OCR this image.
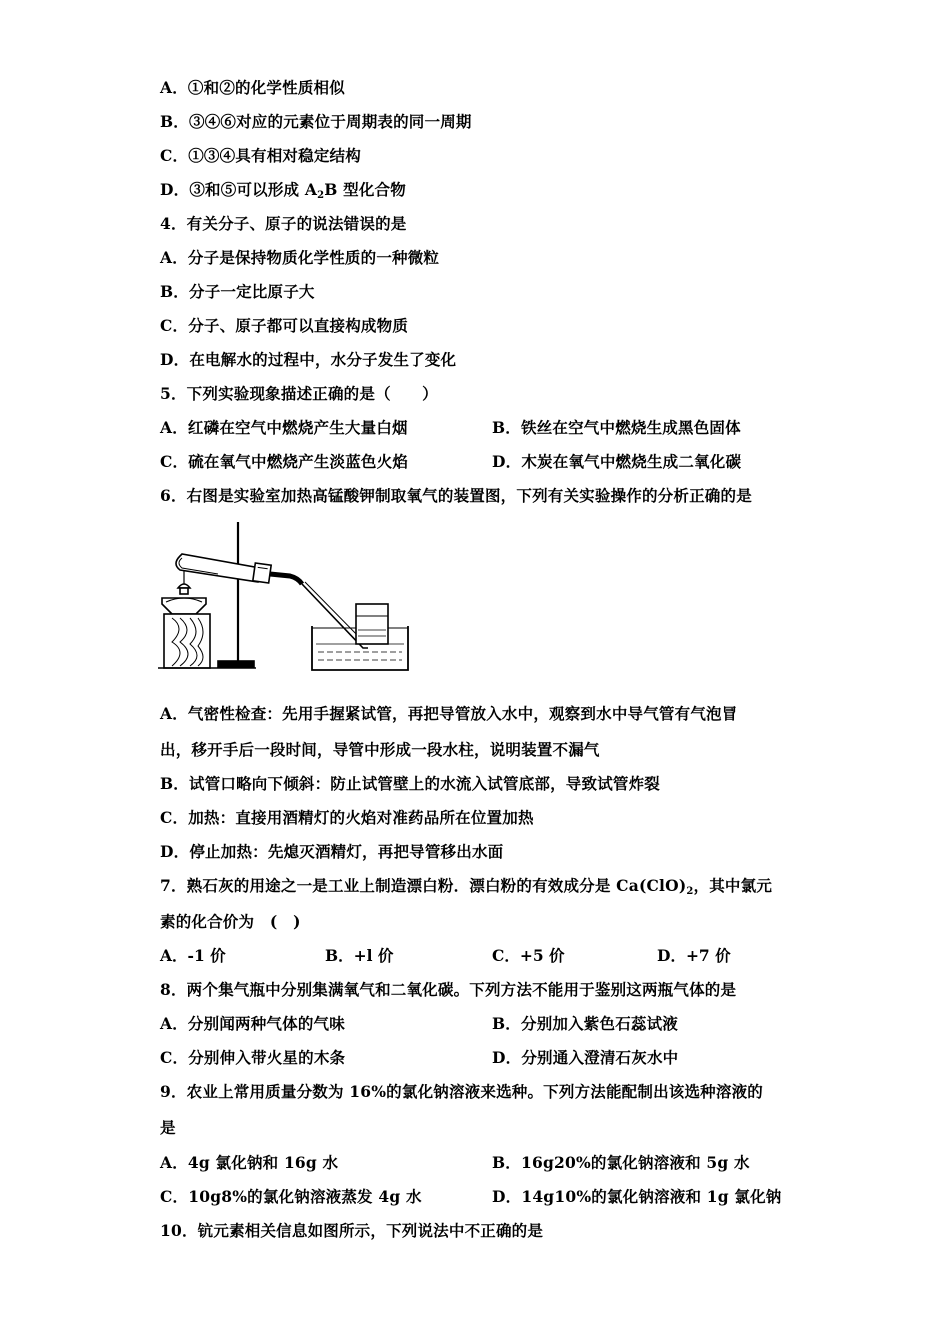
A．①和②的化学性质相似
B．③④⑥对应的元素位于周期表的同一周期
C．①③④具有相对稳定结构
D．③和⑤可以形成 $A_2B$ 型化合物
4．有关分子、原子的说法错误的是
A．分子是保持物质化学性质的一种微粒
B．分子一定比原子大
C．分子、原子都可以直接构成物质
D．在电解水的过程中，水分子发生了变化
5．下列实验现象描述正确的是（　　）
A．红磷在空气中燃烧产生大量白烟	B．铁丝在空气中燃烧生成黑色固体
C．硫在氧气中燃烧产生淡蓝色火焰	D．木炭在氧气中燃烧生成二氧化碳
6．右图是实验室加热高锰酸钾制取氧气的装置图，下列有关实验操作的分析正确的是
A．气密性检查：先用手握紧试管，再把导管放入水中，观察到水中导气管有气泡冒
出，移开手后一段时间，导管中形成一段水柱，说明装置不漏气
B．试管口略向下倾斜：防止试管壁上的水流入试管底部，导致试管炸裂
C．加热：直接用酒精灯的火焰对准药品所在位置加热
D．停止加热：先熄灭酒精灯，再把导管移出水面
7．熟石灰的用途之一是工业上制造漂白粉．漂白粉的有效成分是 $Ca(ClO)_2$，其中氯元
素的化合价为　(　)
A．-1 价	B．+l 价	C．+5 价	D．+7 价
8．两个集气瓶中分别集满氧气和二氧化碳。下列方法不能用于鉴别这两瓶气体的是
A．分别闻两种气体的气味	B．分别加入紫色石蕊试液
C．分别伸入带火星的木条	D．分别通入澄清石灰水中
9．农业上常用质量分数为 16%的氯化钠溶液来选种。下列方法能配制出该选种溶液的
是
A．4g 氯化钠和 16g 水	B．16g20%的氯化钠溶液和 5g 水
C．10g8%的氯化钠溶液蒸发 4g 水	D．14g10%的氯化钠溶液和 1g 氯化钠
10．钪元素相关信息如图所示，下列说法中不正确的是
